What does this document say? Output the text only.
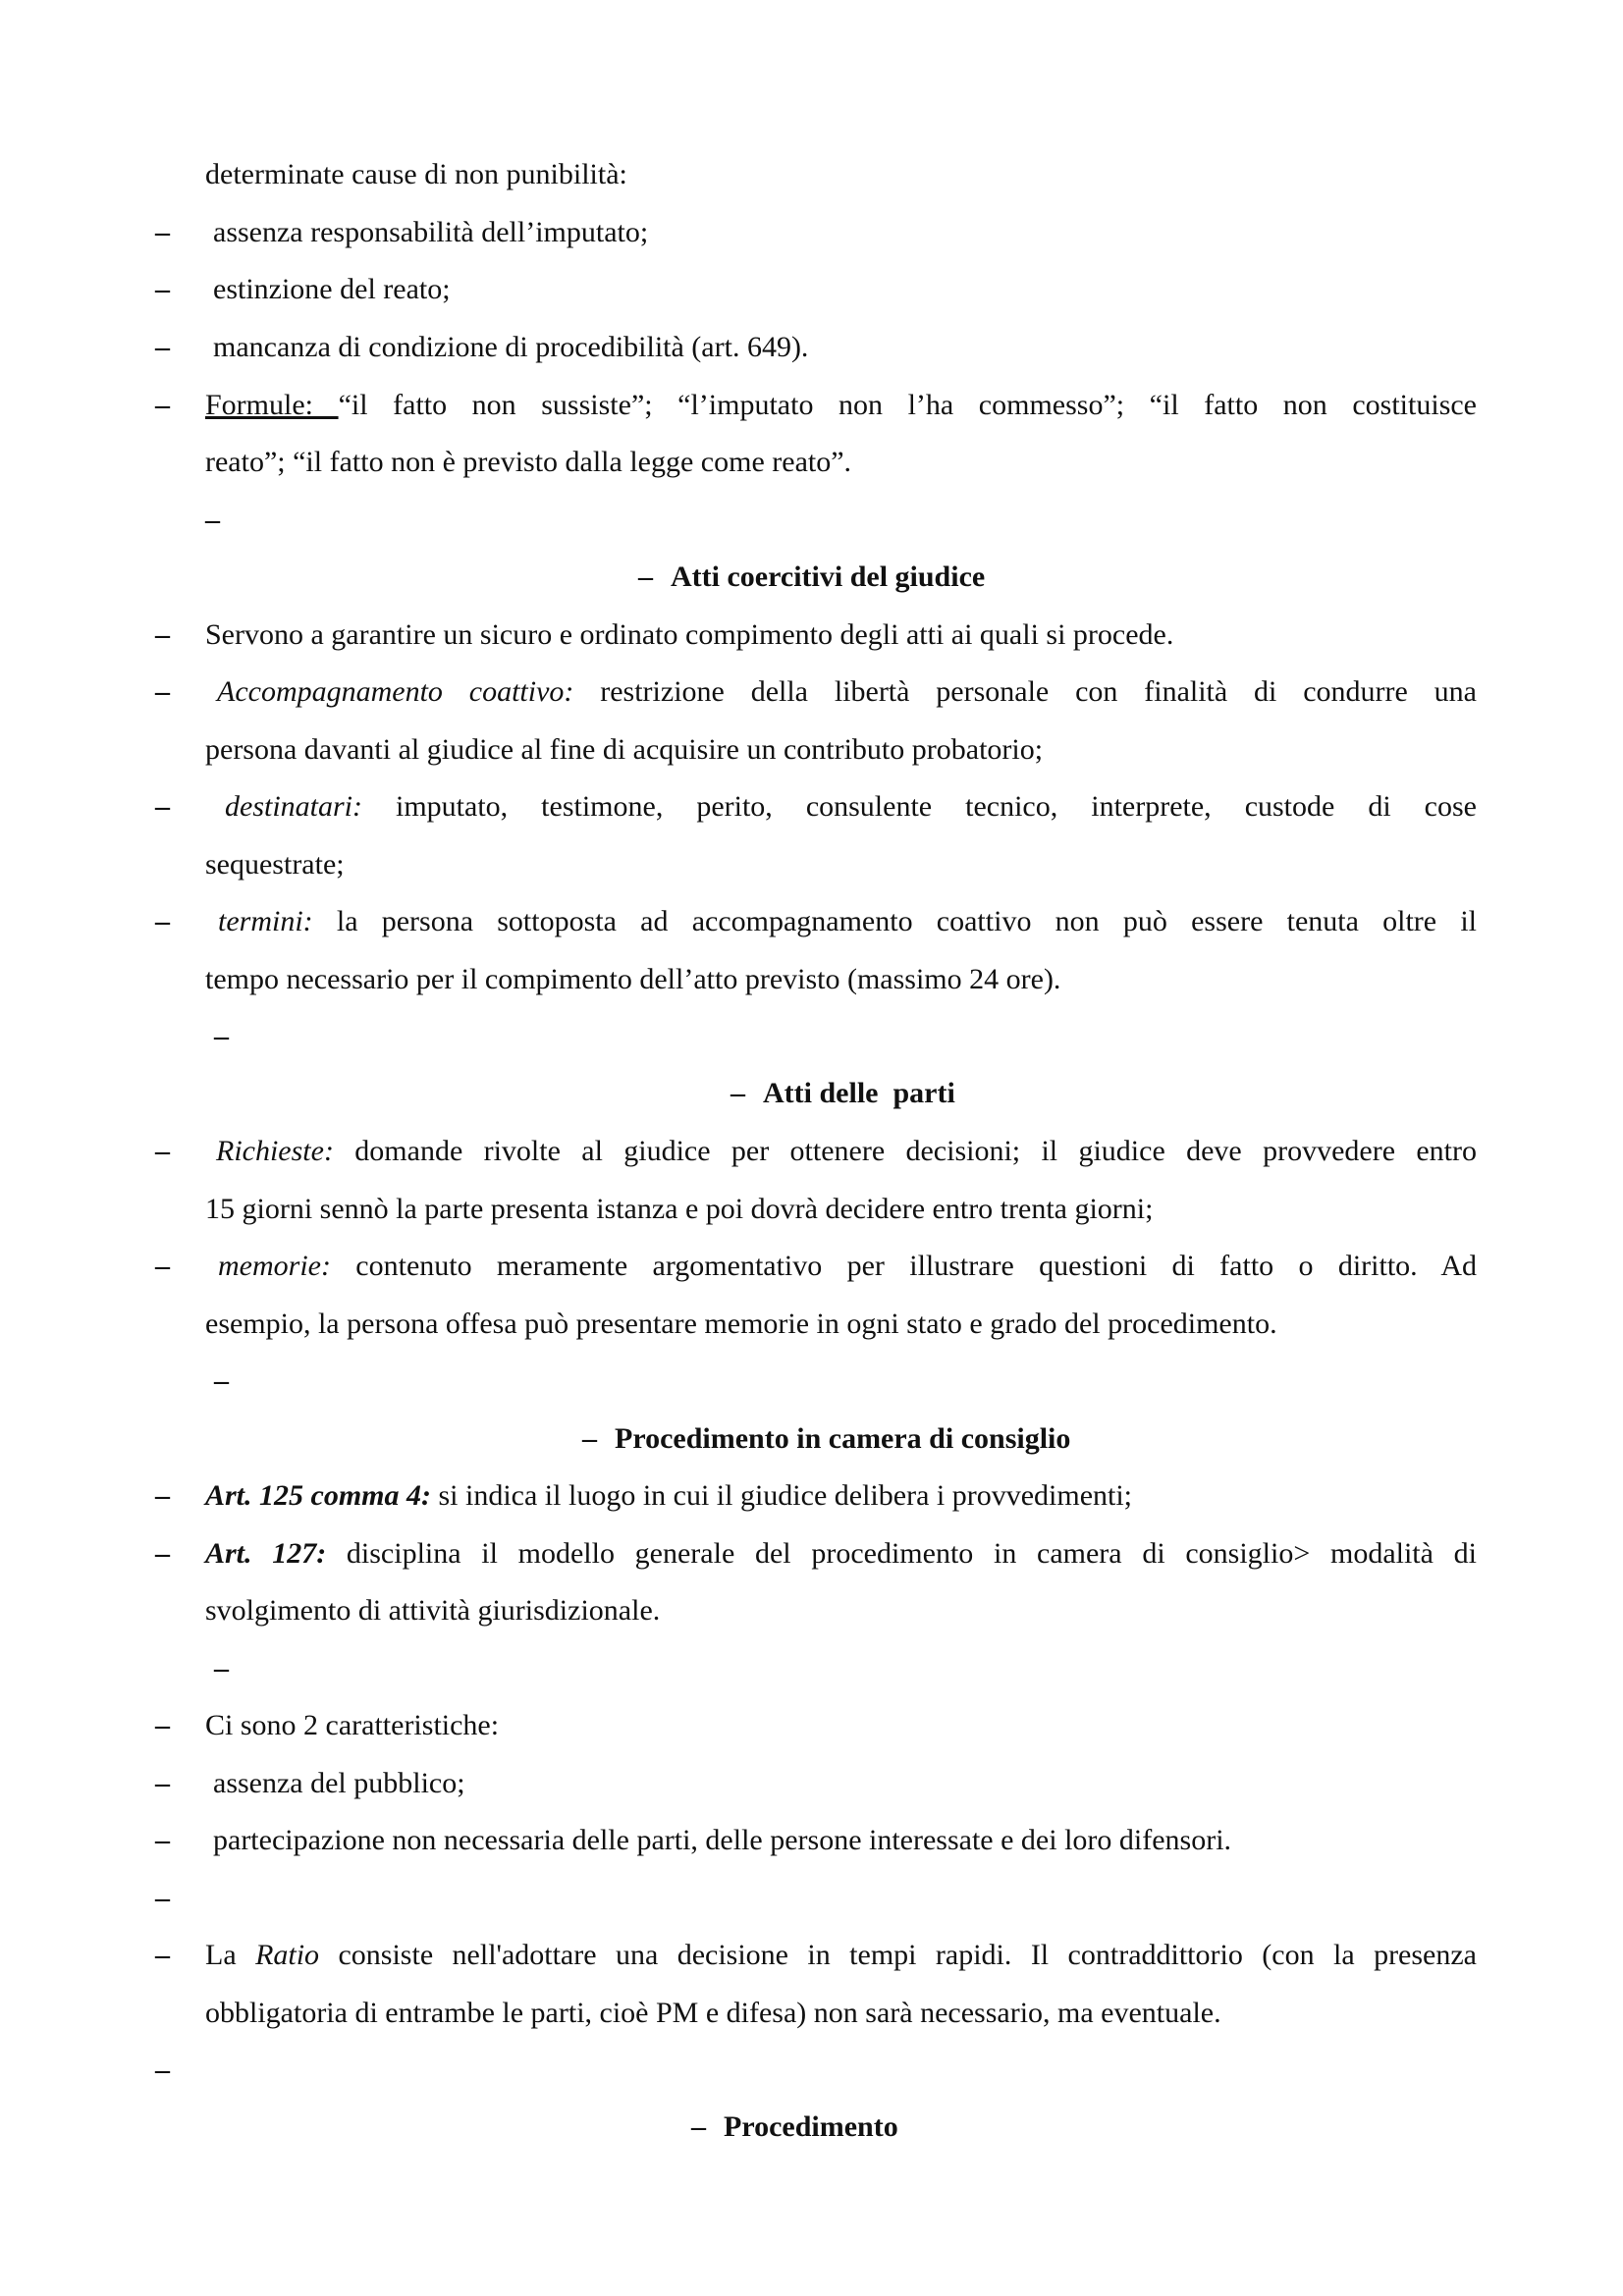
determinate cause di non punibilità:
– assenza responsabilità dell’imputato;
– estinzione del reato;
– mancanza di condizione di procedibilità (art. 649).
– Formule: “il fatto non sussiste”; “l’imputato non l’ha commesso”; “il fatto non costituisce
reato”; “il fatto non è previsto dalla legge come reato”.
–
– Atti coercitivi del giudice
– Servono a garantire un sicuro e ordinato compimento degli atti ai quali si procede.
– Accompagnamento coattivo: restrizione della libertà personale con finalità di condurre una
persona davanti al giudice al fine di acquisire un contributo probatorio;
– destinatari: imputato, testimone, perito, consulente tecnico, interprete, custode di cose
sequestrate;
– termini: la persona sottoposta ad accompagnamento coattivo non può essere tenuta oltre il
tempo necessario per il compimento dell’atto previsto (massimo 24 ore).
–
– Atti delle  parti
– Richieste: domande rivolte al giudice per ottenere decisioni; il giudice deve provvedere entro
15 giorni sennò la parte presenta istanza e poi dovrà decidere entro trenta giorni;
– memorie: contenuto meramente argomentativo per illustrare questioni di fatto o diritto. Ad
esempio, la persona offesa può presentare memorie in ogni stato e grado del procedimento.
–
– Procedimento in camera di consiglio
– Art. 125 comma 4: si indica il luogo in cui il giudice delibera i provvedimenti;
– Art. 127: disciplina il modello generale del procedimento in camera di consiglio> modalità di
svolgimento di attività giurisdizionale.
–
– Ci sono 2 caratteristiche:
– assenza del pubblico;
– partecipazione non necessaria delle parti, delle persone interessate e dei loro difensori.
–
– La Ratio consiste nell'adottare una decisione in tempi rapidi. Il contraddittorio (con la presenza
obbligatoria di entrambe le parti, cioè PM e difesa) non sarà necessario, ma eventuale.
–
– Procedimento
